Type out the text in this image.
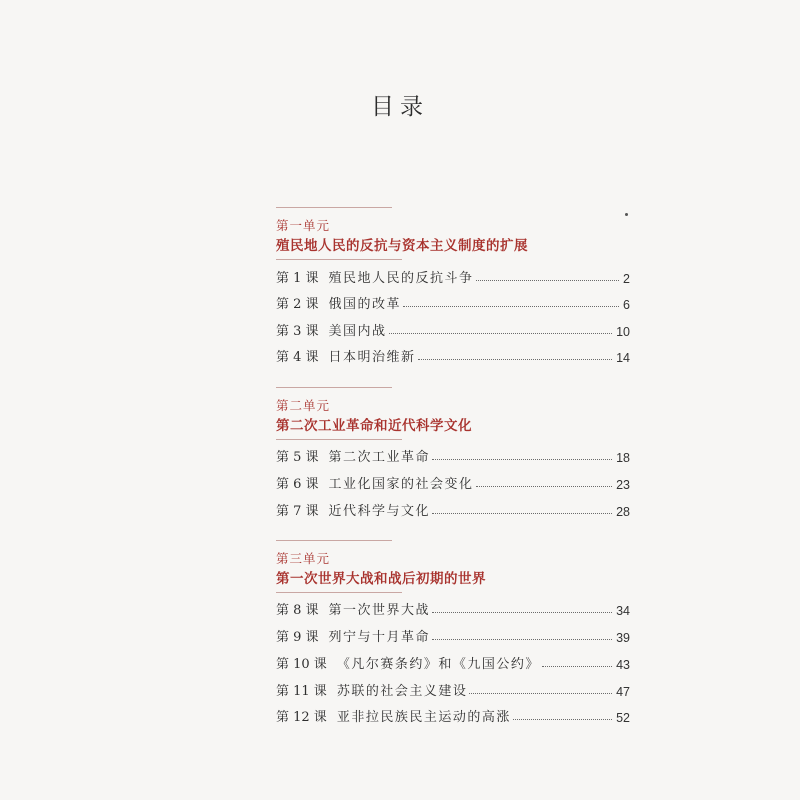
目录
第一单元
殖民地人民的反抗与资本主义制度的扩展
第 1 课 殖民地人民的反抗斗争	2
第 2 课 俄国的改革	6
第 3 课 美国内战	10
第 4 课 日本明治维新	14
第二单元
第二次工业革命和近代科学文化
第 5 课 第二次工业革命	18
第 6 课 工业化国家的社会变化	23
第 7 课 近代科学与文化	28
第三单元
第一次世界大战和战后初期的世界
第 8 课 第一次世界大战	34
第 9 课 列宁与十月革命	39
第 10 课 《凡尔赛条约》和《九国公约》	43
第 11 课 苏联的社会主义建设	47
第 12 课 亚非拉民族民主运动的高涨	52
